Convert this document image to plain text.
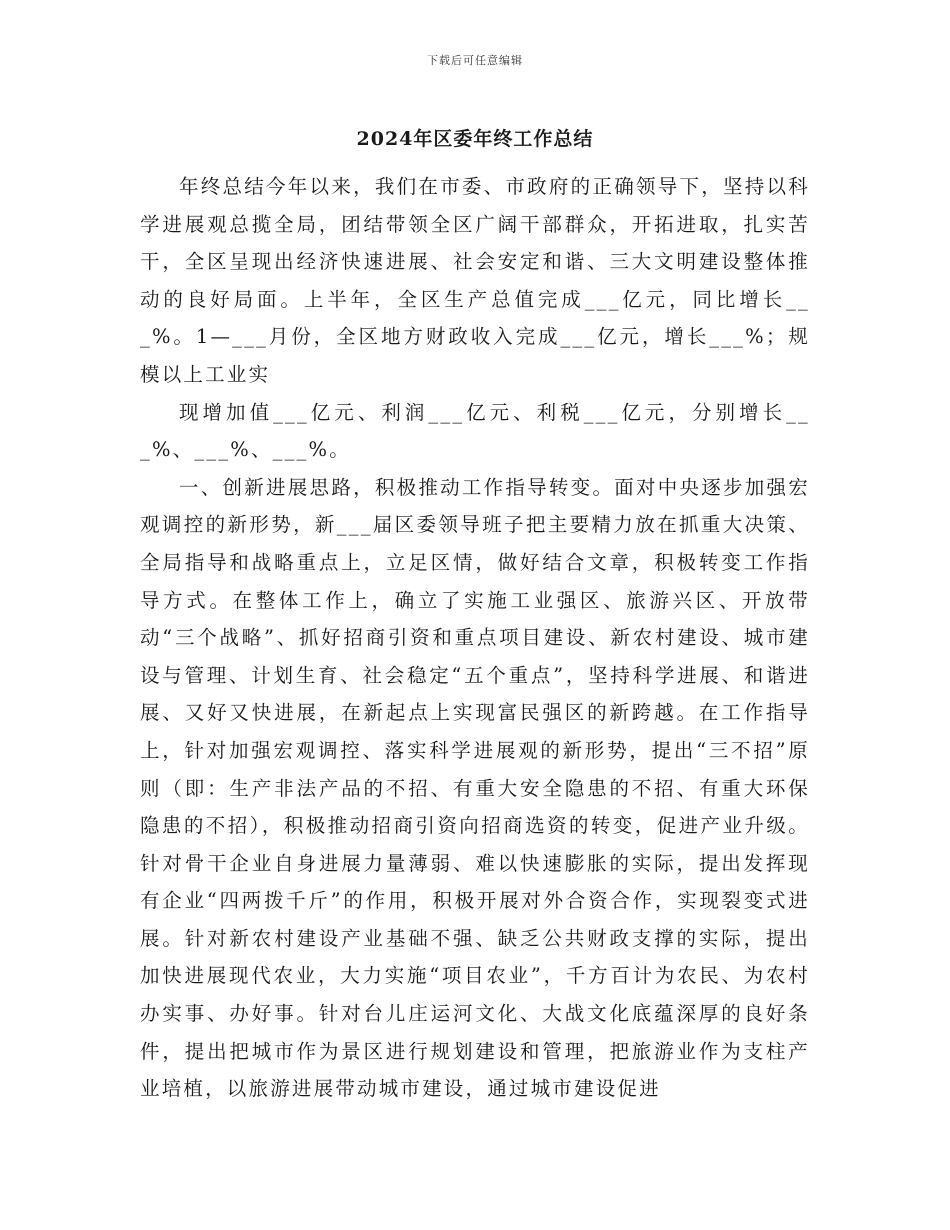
下载后可任意编辑
2024年区委年终工作总结

年终总结今年以来，我们在市委、市政府的正确领导下，坚持以科学进展观总揽全局，团结带领全区广阔干部群众，开拓进取，扎实苦干，全区呈现出经济快速进展、社会安定和谐、三大文明建设整体推动的良好局面。上半年，全区生产总值完成___亿元，同比增长___%。1—___月份，全区地方财政收入完成___亿元，增长___%；规模以上工业实

现增加值___亿元、利润___亿元、利税___亿元，分别增长___%、___%、___%。

一、创新进展思路，积极推动工作指导转变。面对中央逐步加强宏观调控的新形势，新___届区委领导班子把主要精力放在抓重大决策、全局指导和战略重点上，立足区情，做好结合文章，积极转变工作指导方式。在整体工作上，确立了实施工业强区、旅游兴区、开放带动“三个战略”、抓好招商引资和重点项目建设、新农村建设、城市建设与管理、计划生育、社会稳定“五个重点”，坚持科学进展、和谐进展、又好又快进展，在新起点上实现富民强区的新跨越。在工作指导上，针对加强宏观调控、落实科学进展观的新形势，提出“三不招”原则（即：生产非法产品的不招、有重大安全隐患的不招、有重大环保隐患的不招），积极推动招商引资向招商选资的转变，促进产业升级。针对骨干企业自身进展力量薄弱、难以快速膨胀的实际，提出发挥现有企业“四两拨千斤”的作用，积极开展对外合资合作，实现裂变式进展。针对新农村建设产业基础不强、缺乏公共财政支撑的实际，提出加快进展现代农业，大力实施“项目农业”，千方百计为农民、为农村办实事、办好事。针对台儿庄运河文化、大战文化底蕴深厚的良好条件，提出把城市作为景区进行规划建设和管理，把旅游业作为支柱产业培植，以旅游进展带动城市建设，通过城市建设促进
